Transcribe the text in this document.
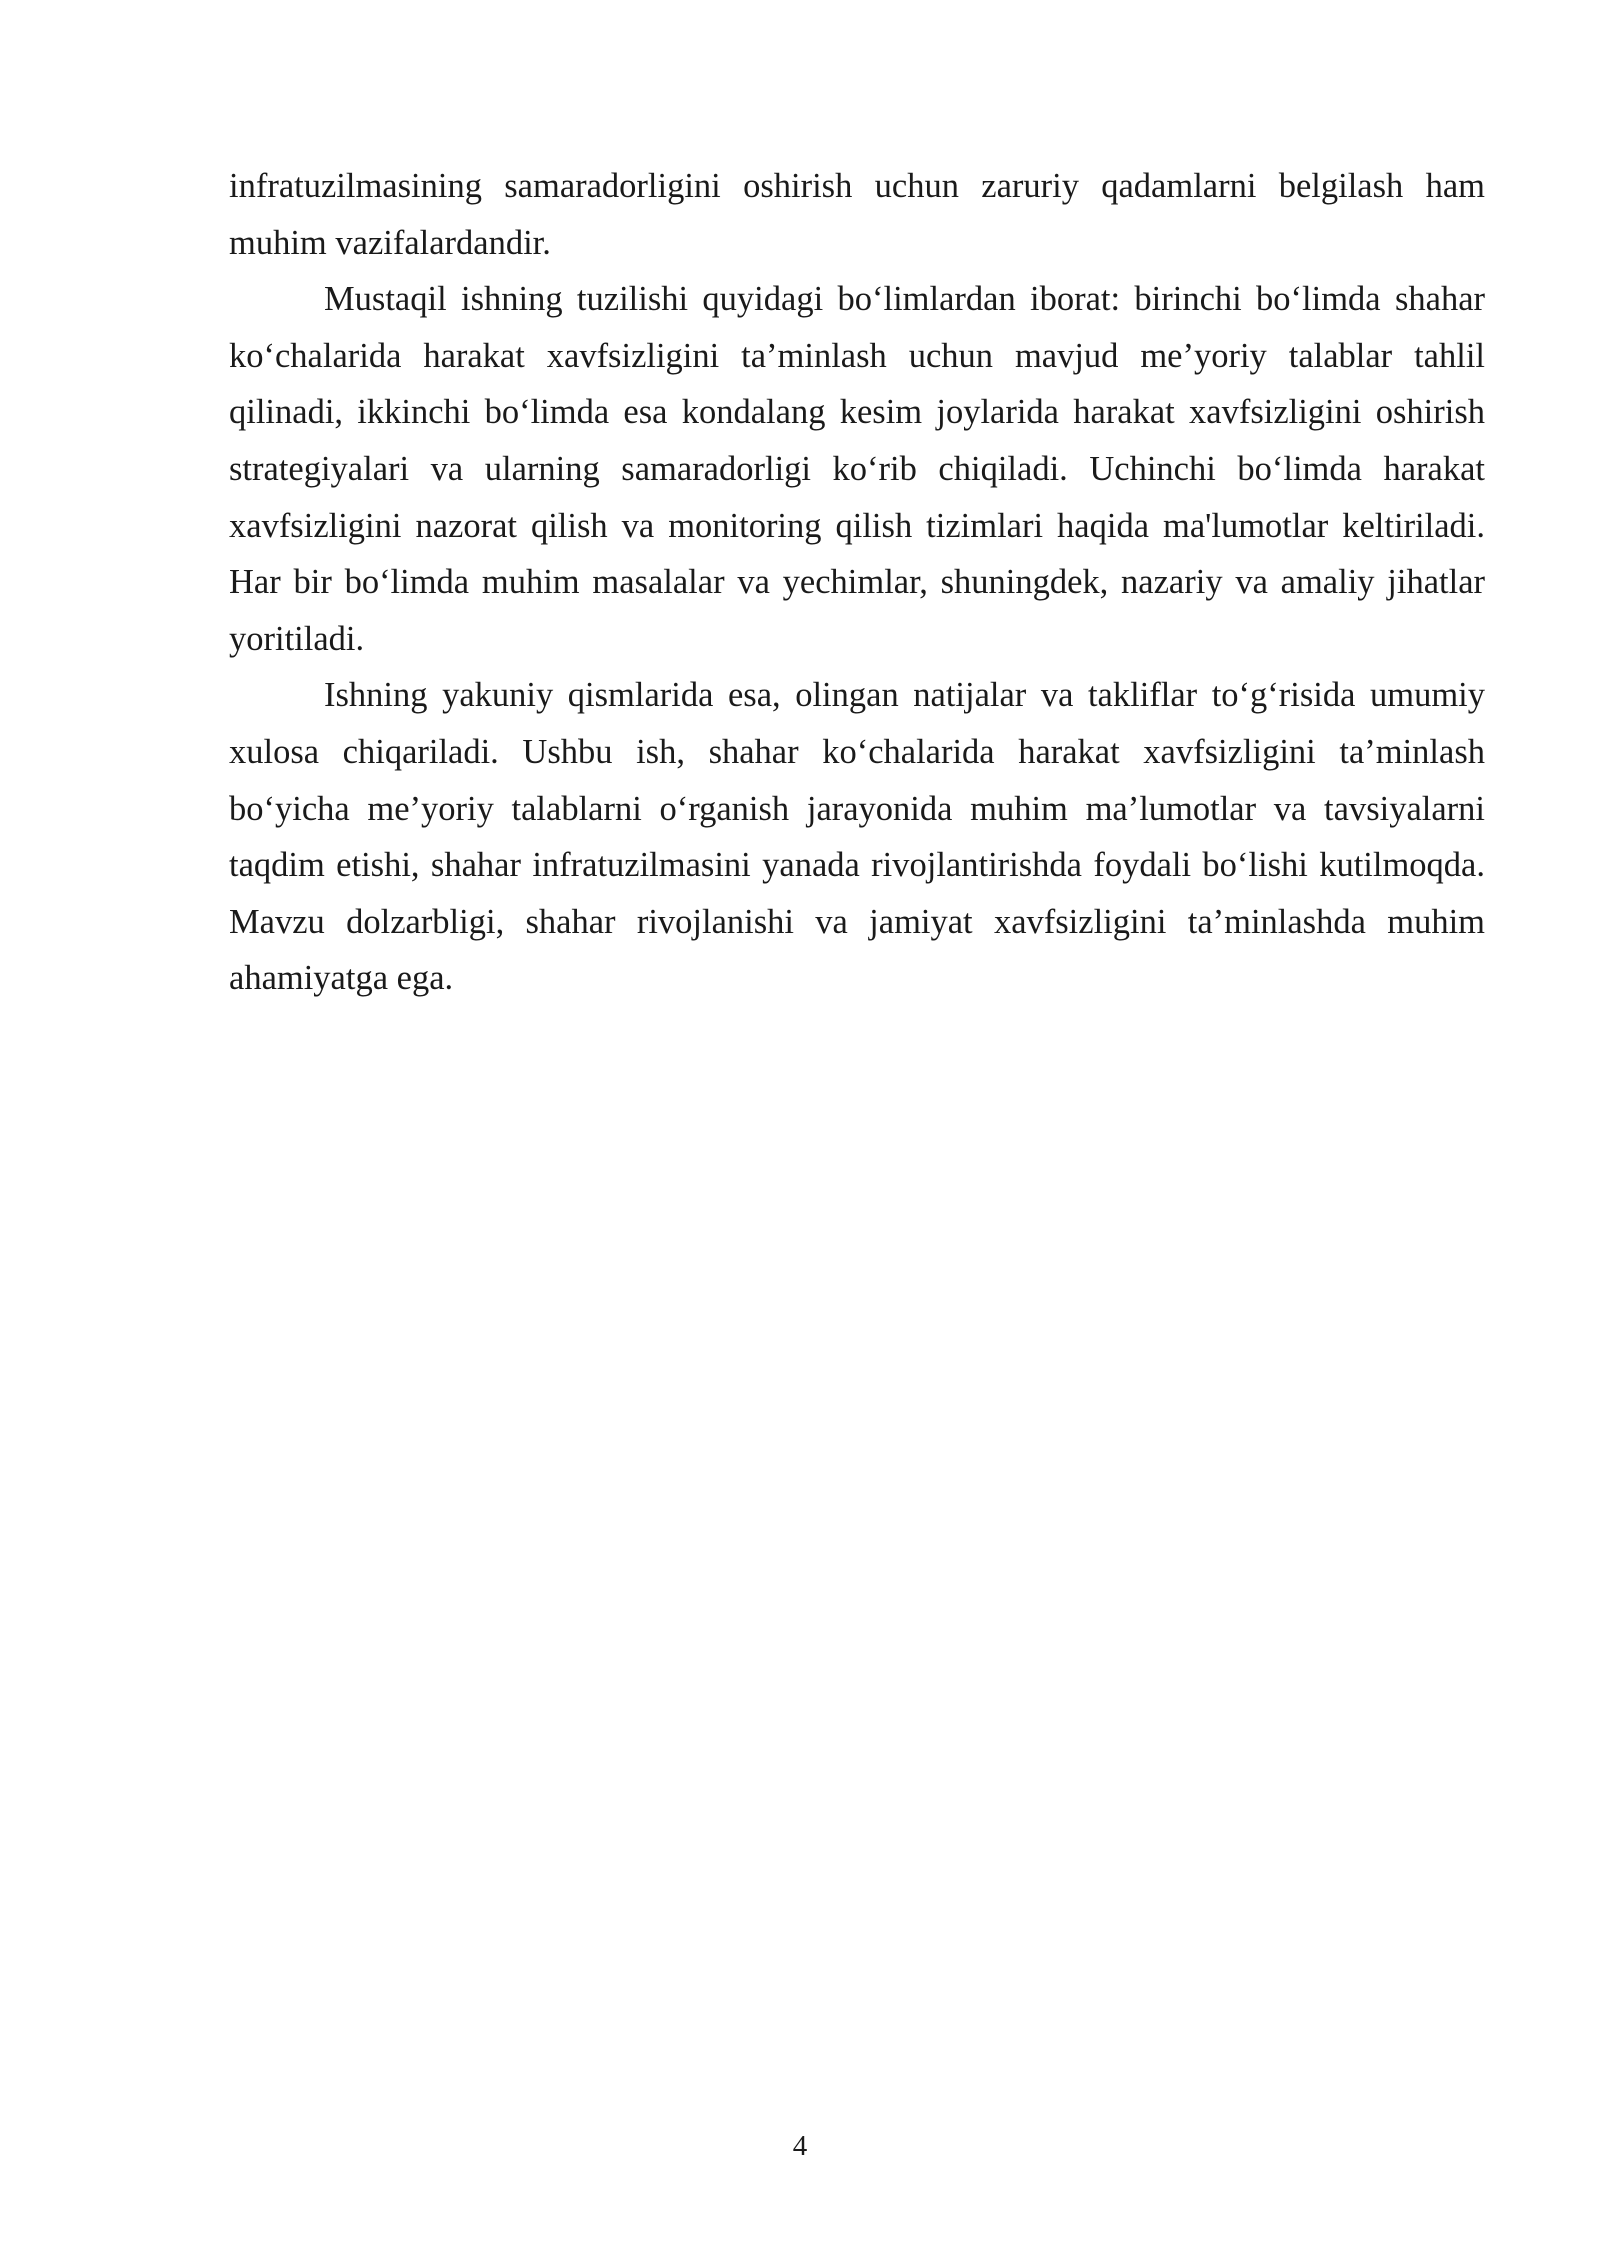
infratuzilmasining samaradorligini oshirish uchun zaruriy qadamlarni belgilash ham muhim vazifalardandir.

Mustaqil ishning tuzilishi quyidagi bo‘limlardan iborat: birinchi bo‘limda shahar ko‘chalarida harakat xavfsizligini ta’minlash uchun mavjud me’yoriy talablar tahlil qilinadi, ikkinchi bo‘limda esa kondalang kesim joylarida harakat xavfsizligini oshirish strategiyalari va ularning samaradorligi ko‘rib chiqiladi. Uchinchi bo‘limda harakat xavfsizligini nazorat qilish va monitoring qilish tizimlari haqida ma'lumotlar keltiriladi. Har bir bo‘limda muhim masalalar va yechimlar, shuningdek, nazariy va amaliy jihatlar yoritiladi.

Ishning yakuniy qismlarida esa, olingan natijalar va takliflar to‘g‘risida umumiy xulosa chiqariladi. Ushbu ish, shahar ko‘chalarida harakat xavfsizligini ta’minlash bo‘yicha me’yoriy talablarni o‘rganish jarayonida muhim ma’lumotlar va tavsiyalarni taqdim etishi, shahar infratuzilmasini yanada rivojlantirishda foydali bo‘lishi kutilmoqda. Mavzu dolzarbligi, shahar rivojlanishi va jamiyat xavfsizligini ta’minlashda muhim ahamiyatga ega.

4
